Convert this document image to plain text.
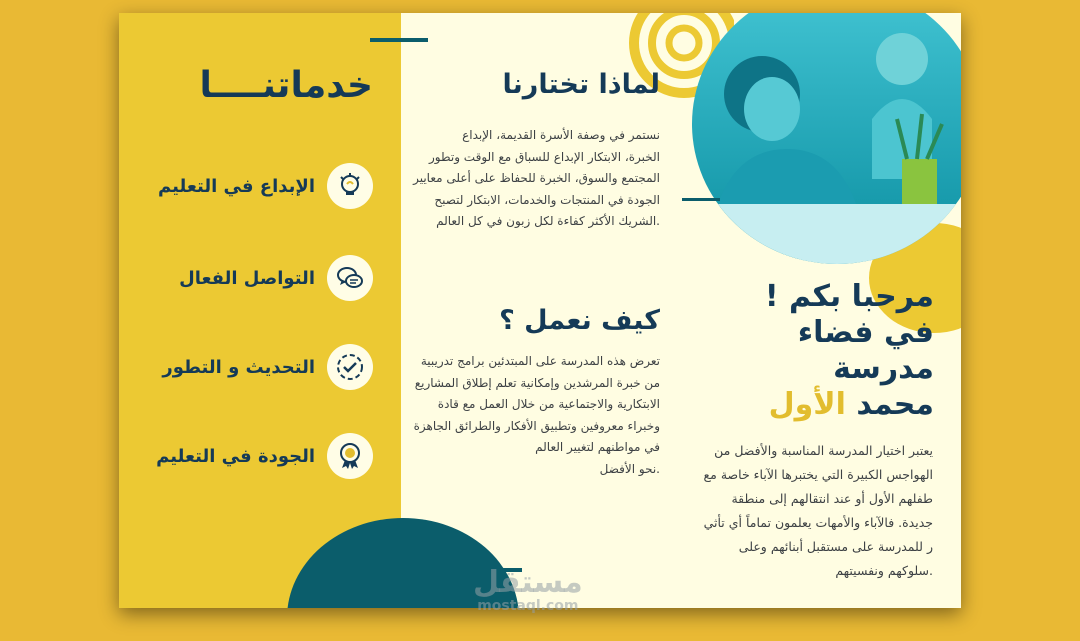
خدماتنــــا
الإبداع في التعليم
التواصل الفعال
التحديث و التطور
الجودة في التعليم
لماذا تختارنا
نستمر في وصفة الأسرة القديمة، الإبداع
الخبرة، الابتكار الإبداع للسباق مع الوقت وتطور
المجتمع والسوق، الخبرة للحفاظ على أعلى معايير
الجودة في المنتجات والخدمات، الابتكار لتصبح
.الشريك الأكثر كفاءة لكل زبون في كل العالم
كيف نعمل ؟
تعرض هذه المدرسة على المبتدئين برامج تدريبية
من خبرة المرشدين وإمكانية تعلم إطلاق المشاريع
الابتكارية والاجتماعية من خلال العمل مع قادة
وخبراء معروفين وتطبيق الأفكار والطرائق الجاهزة
في مواطنهم لتغيير العالم
.نحو الأفضل
مرحبا بكم !
في فضاء
مدرسة
محمد الأول
يعتبر اختيار المدرسة المناسبة والأفضل من
الهواجس الكبيرة التي يختبرها الآباء خاصة مع
طفلهم الأول أو عند انتقالهم إلى منطقة
جديدة. فالآباء والأمهات يعلمون تماماً أي تأثي
ر للمدرسة على مستقبل أبنائهم وعلى
.سلوكهم ونفسيتهم
مستقل
mostaql.com
